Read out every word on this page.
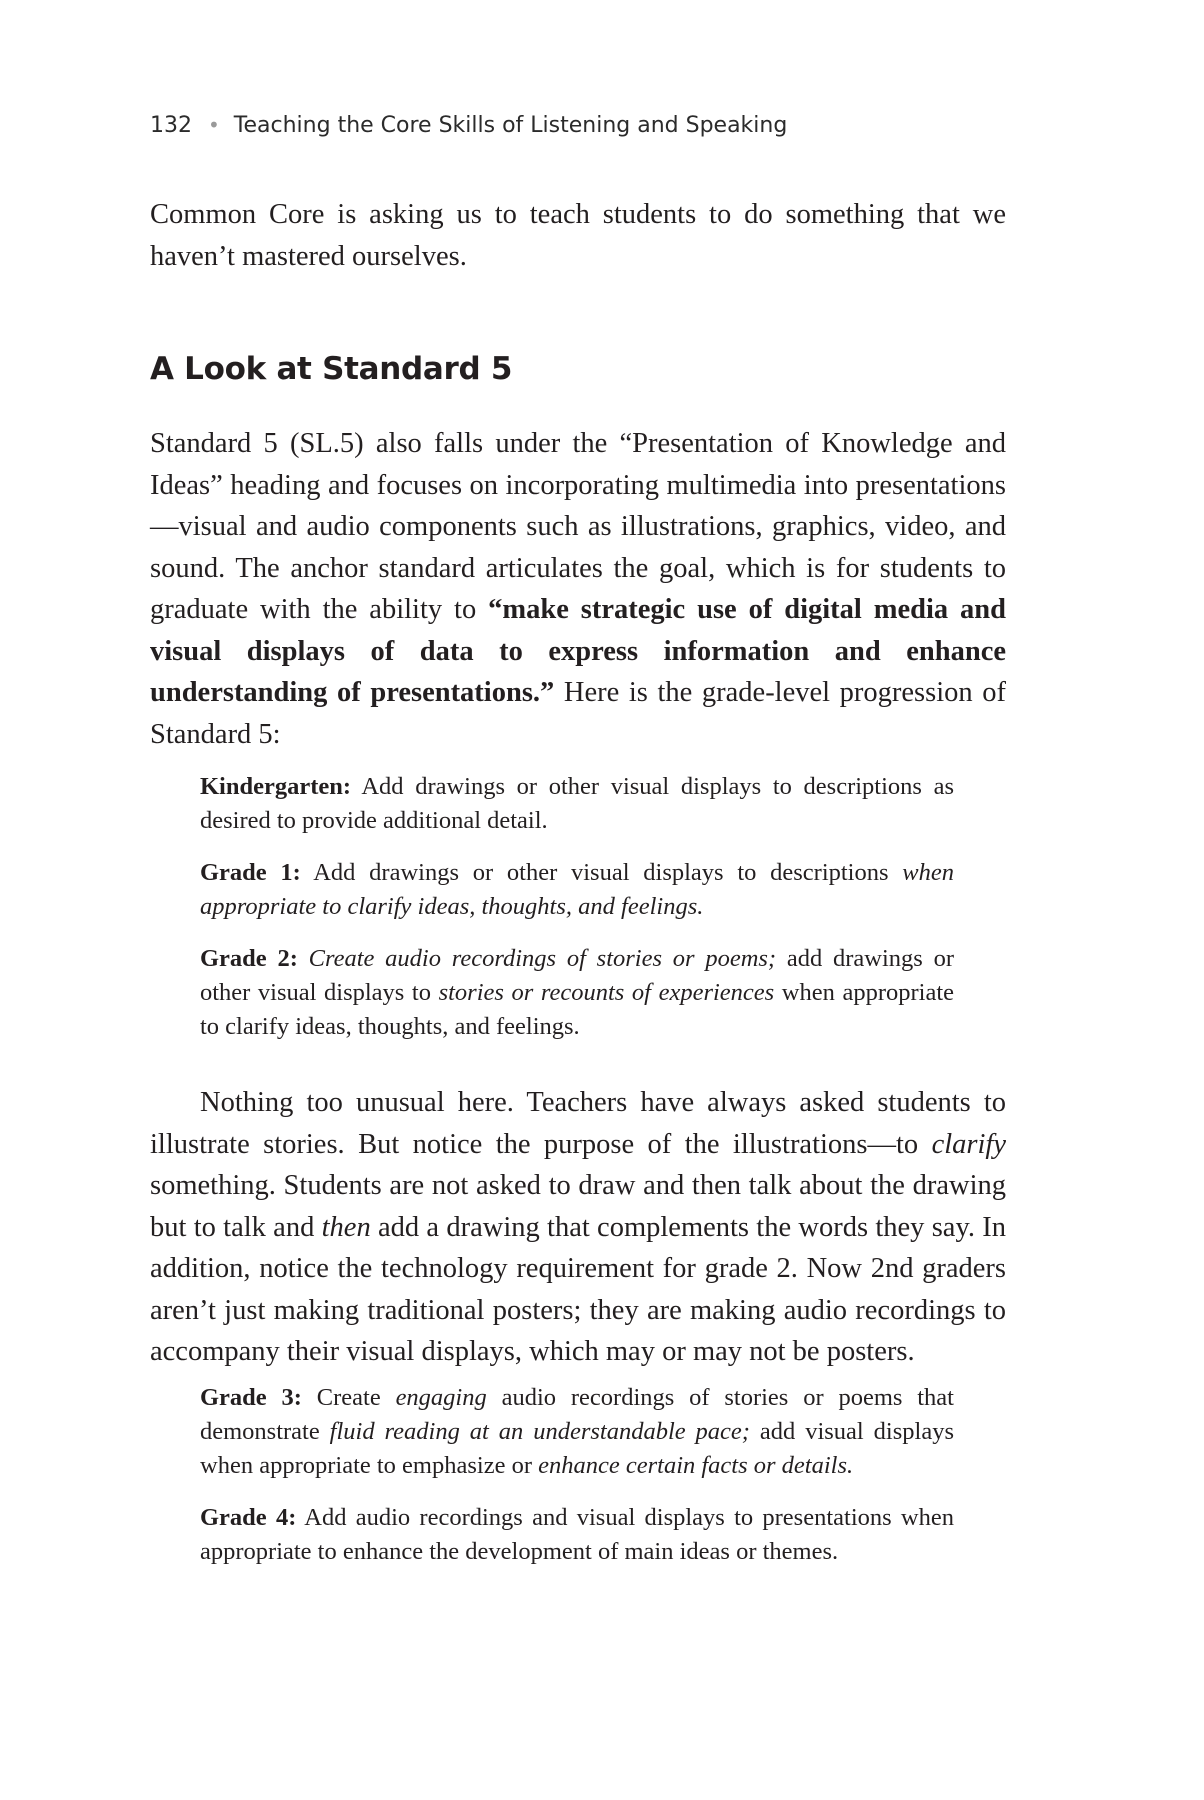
132 • Teaching the Core Skills of Listening and Speaking

Common Core is asking us to teach students to do something that we haven’t mastered ourselves.

A Look at Standard 5

Standard 5 (SL.5) also falls under the “Presentation of Knowledge and Ideas” heading and focuses on incorporating multimedia into presentations—visual and audio components such as illustrations, graphics, video, and sound. The anchor standard articulates the goal, which is for students to graduate with the ability to “make strategic use of digital media and visual displays of data to express information and enhance understanding of presentations.” Here is the grade-level progression of Standard 5:

Kindergarten: Add drawings or other visual displays to descriptions as desired to provide additional detail.

Grade 1: Add drawings or other visual displays to descriptions when appropriate to clarify ideas, thoughts, and feelings.

Grade 2: Create audio recordings of stories or poems; add drawings or other visual displays to stories or recounts of experiences when appropriate to clarify ideas, thoughts, and feelings.

Nothing too unusual here. Teachers have always asked students to illustrate stories. But notice the purpose of the illustrations—to clarify something. Students are not asked to draw and then talk about the drawing but to talk and then add a drawing that complements the words they say. In addition, notice the technology requirement for grade 2. Now 2nd graders aren’t just making traditional posters; they are making audio recordings to accompany their visual displays, which may or may not be posters.

Grade 3: Create engaging audio recordings of stories or poems that demonstrate fluid reading at an understandable pace; add visual displays when appropriate to emphasize or enhance certain facts or details.

Grade 4: Add audio recordings and visual displays to presentations when appropriate to enhance the development of main ideas or themes.
